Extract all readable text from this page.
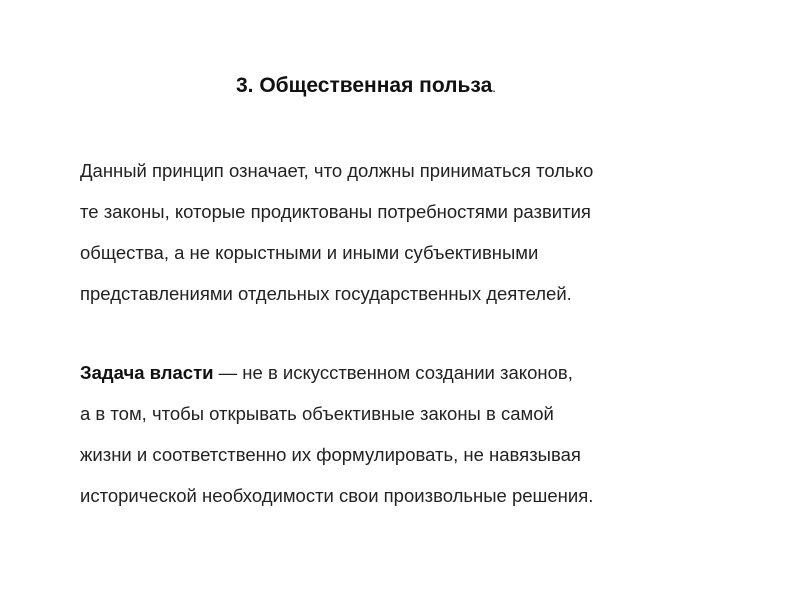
3. Общественная польза.
Данный принцип означает, что должны приниматься только
те законы, которые продиктованы потребностями развития
общества, а не корыстными и иными субъективными
представлениями отдельных государственных деятелей.
Задача власти — не в искусственном создании законов,
а в том, чтобы открывать объективные законы в самой
жизни и соответственно их формулировать, не навязывая
исторической необходимости свои произвольные решения.
